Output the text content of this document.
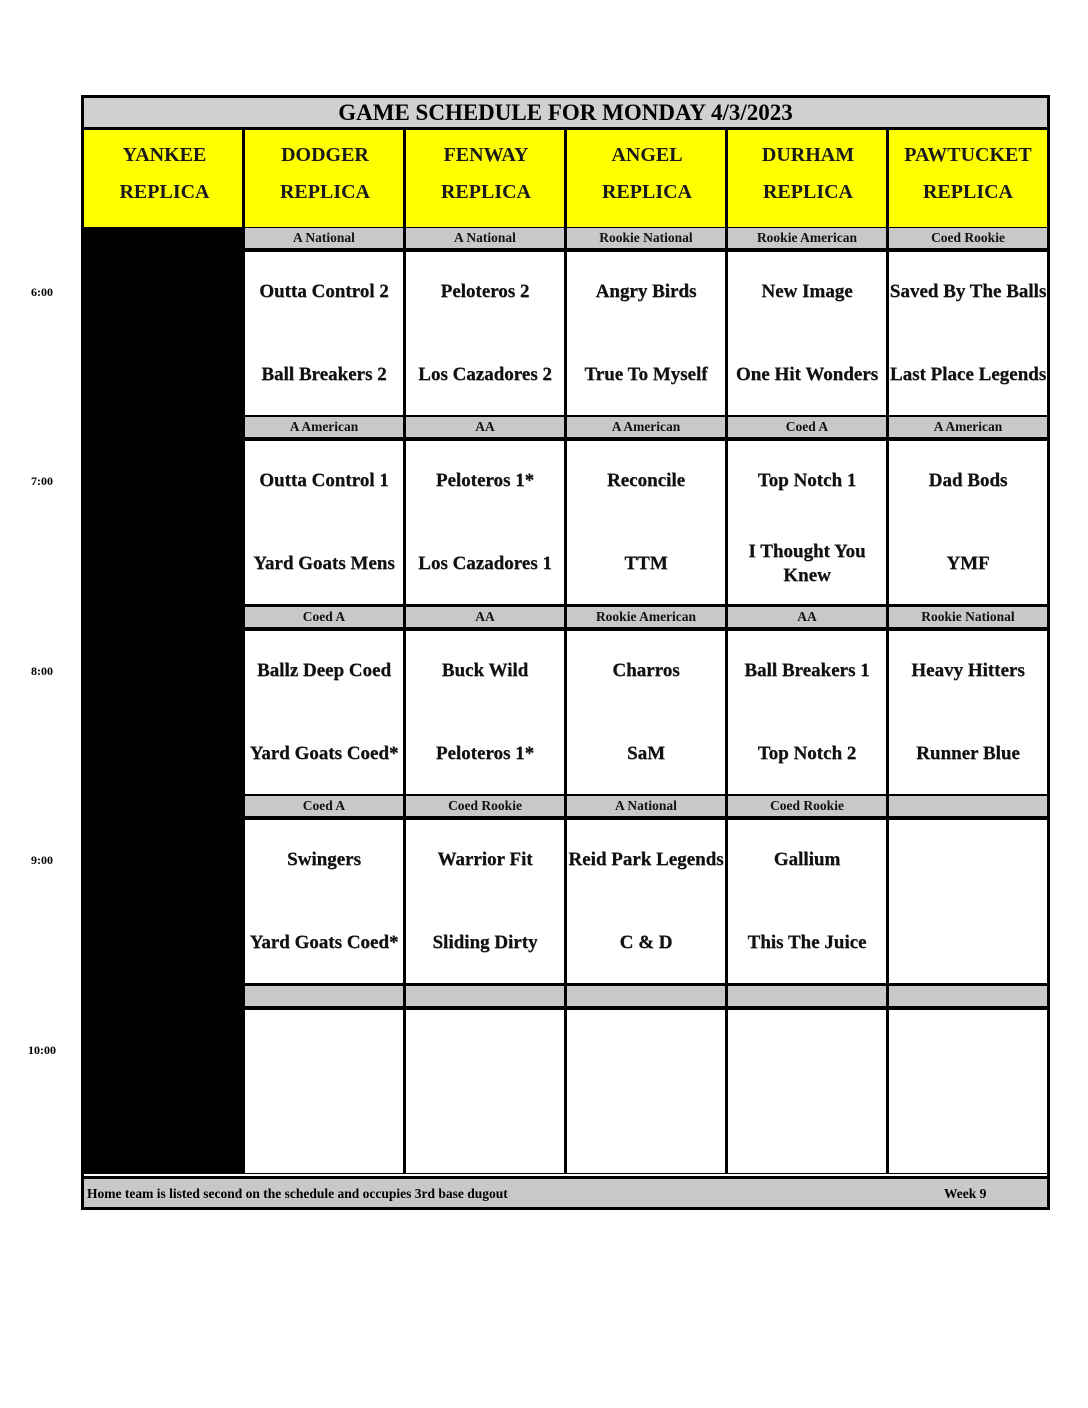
GAME SCHEDULE FOR MONDAY 4/3/2023
YANKEE
REPLICA
DODGER
REPLICA
FENWAY
REPLICA
ANGEL
REPLICA
DURHAM
REPLICA
PAWTUCKET
REPLICA
6:00
A National
Outta Control 2
Ball Breakers 2
A National
Peloteros 2
Los Cazadores 2
Rookie National
Angry Birds
True To Myself
Rookie American
New Image
One Hit Wonders
Coed Rookie
Saved By The Balls
Last Place Legends
7:00
A American
Outta Control 1
Yard Goats Mens
AA
Peloteros 1*
Los Cazadores 1
A American
Reconcile
TTM
Coed A
Top Notch 1
I Thought You Knew
A American
Dad Bods
YMF
8:00
Coed A
Ballz Deep Coed
Yard Goats Coed*
AA
Buck Wild
Peloteros 1*
Rookie American
Charros
SaM
AA
Ball Breakers 1
Top Notch 2
Rookie National
Heavy Hitters
Runner Blue
9:00
Coed A
Swingers
Yard Goats Coed*
Coed Rookie
Warrior Fit
Sliding Dirty
A National
Reid Park Legends
C & D
Coed Rookie
Gallium
This The Juice
10:00
Home team is listed second on the schedule and occupies 3rd base dugout	Week 9
